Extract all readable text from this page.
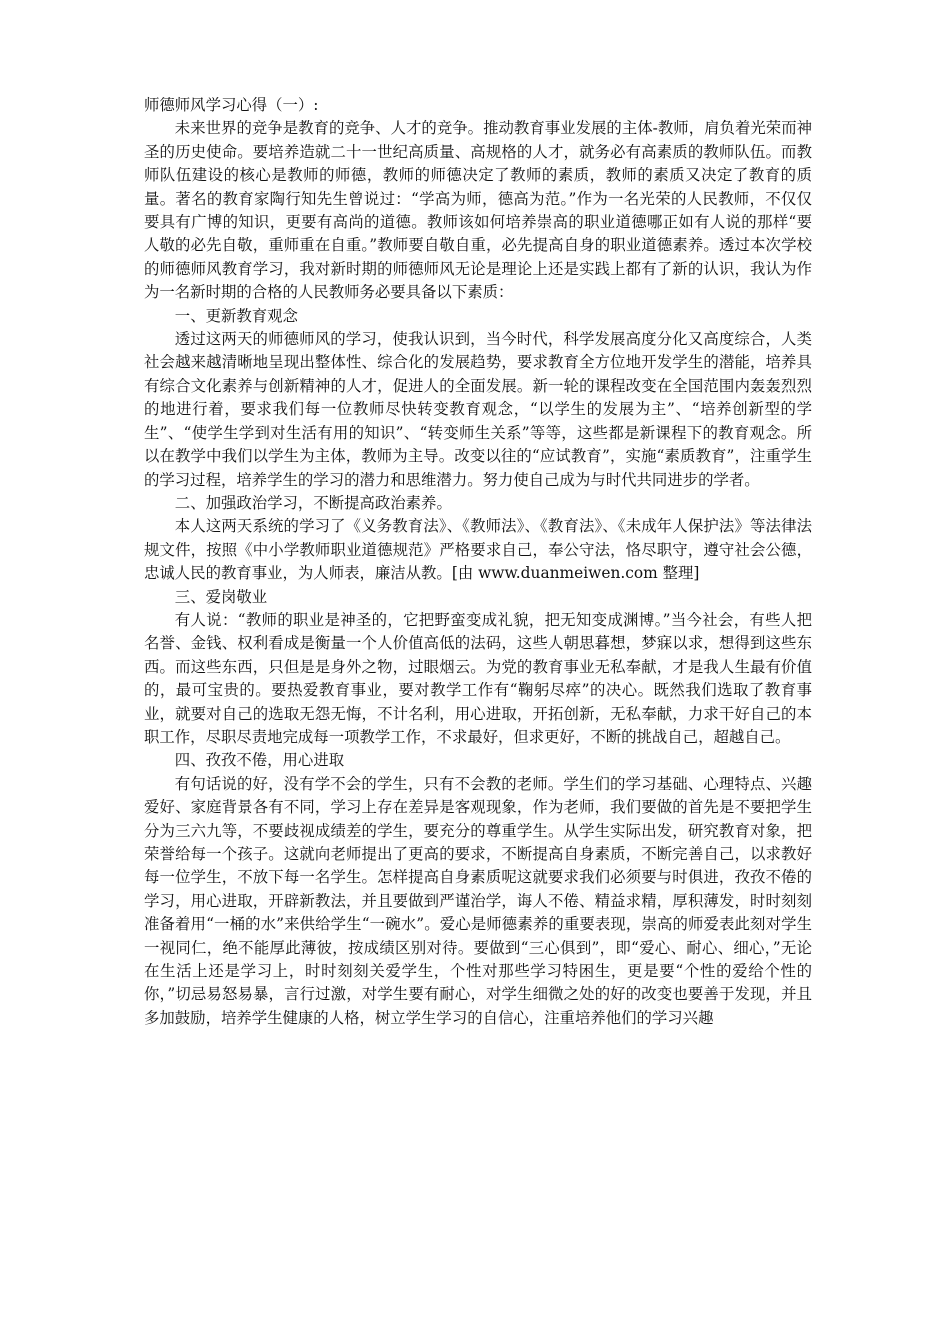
师德师风学习心得（一）:

未来世界的竞争是教育的竞争、人才的竞争。推动教育事业发展的主体-教师，肩负着光荣而神圣的历史使命。要培养造就二十一世纪高质量、高规格的人才，就务必有高素质的教师队伍。而教师队伍建设的核心是教师的师德，教师的师德决定了教师的素质，教师的素质又决定了教育的质量。著名的教育家陶行知先生曾说过：“学高为师，德高为范。”作为一名光荣的人民教师，不仅仅要具有广博的知识，更要有高尚的道德。教师该如何培养崇高的职业道德哪正如有人说的那样“要人敬的必先自敬，重师重在自重。”教师要自敬自重，必先提高自身的职业道德素养。透过本次学校的师德师风教育学习，我对新时期的师德师风无论是理论上还是实践上都有了新的认识，我认为作为一名新时期的合格的人民教师务必要具备以下素质：

一、更新教育观念

透过这两天的师德师风的学习，使我认识到，当今时代，科学发展高度分化又高度综合，人类社会越来越清晰地呈现出整体性、综合化的发展趋势，要求教育全方位地开发学生的潜能，培养具有综合文化素养与创新精神的人才，促进人的全面发展。新一轮的课程改变在全国范围内轰轰烈烈的地进行着，要求我们每一位教师尽快转变教育观念，“以学生的发展为主”、“培养创新型的学生”、“使学生学到对生活有用的知识”、“转变师生关系”等等，这些都是新课程下的教育观念。所以在教学中我们以学生为主体，教师为主导。改变以往的“应试教育”，实施“素质教育”，注重学生的学习过程，培养学生的学习的潜力和思维潜力。努力使自己成为与时代共同进步的学者。

二、加强政治学习，不断提高政治素养。

本人这两天系统的学习了《义务教育法》、《教师法》、《教育法》、《未成年人保护法》等法律法规文件，按照《中小学教师职业道德规范》严格要求自己，奉公守法，恪尽职守，遵守社会公德，忠诚人民的教育事业，为人师表，廉洁从教。[由 www.duanmeiwen.com 整理]

三、爱岗敬业

有人说：“教师的职业是神圣的，它把野蛮变成礼貌，把无知变成渊博。”当今社会，有些人把名誉、金钱、权利看成是衡量一个人价值高低的法码，这些人朝思暮想，梦寐以求，想得到这些东西。而这些东西，只但是是身外之物，过眼烟云。为党的教育事业无私奉献，才是我人生最有价值的，最可宝贵的。要热爱教育事业，要对教学工作有“鞠躬尽瘁”的决心。既然我们选取了教育事业，就要对自己的选取无怨无悔，不计名利，用心进取，开拓创新，无私奉献，力求干好自己的本职工作，尽职尽责地完成每一项教学工作，不求最好，但求更好，不断的挑战自己，超越自己。

四、孜孜不倦，用心进取

有句话说的好，没有学不会的学生，只有不会教的老师。学生们的学习基础、心理特点、兴趣爱好、家庭背景各有不同，学习上存在差异是客观现象，作为老师，我们要做的首先是不要把学生分为三六九等，不要歧视成绩差的学生，要充分的尊重学生。从学生实际出发，研究教育对象，把荣誉给每一个孩子。这就向老师提出了更高的要求，不断提高自身素质，不断完善自己，以求教好每一位学生，不放下每一名学生。怎样提高自身素质呢这就要求我们必须要与时俱进，孜孜不倦的学习，用心进取，开辟新教法，并且要做到严谨治学，诲人不倦、精益求精，厚积薄发，时时刻刻准备着用“一桶的水”来供给学生“一碗水”。爱心是师德素养的重要表现，崇高的师爱表此刻对学生一视同仁，绝不能厚此薄彼，按成绩区别对待。要做到“三心俱到”，即“爱心、耐心、细心，”无论在生活上还是学习上，时时刻刻关爱学生，个性对那些学习特困生，更是要“个性的爱给个性的你，”切忌易怒易暴，言行过激，对学生要有耐心，对学生细微之处的好的改变也要善于发现，并且多加鼓励，培养学生健康的人格，树立学生学习的自信心，注重培养他们的学习兴趣
